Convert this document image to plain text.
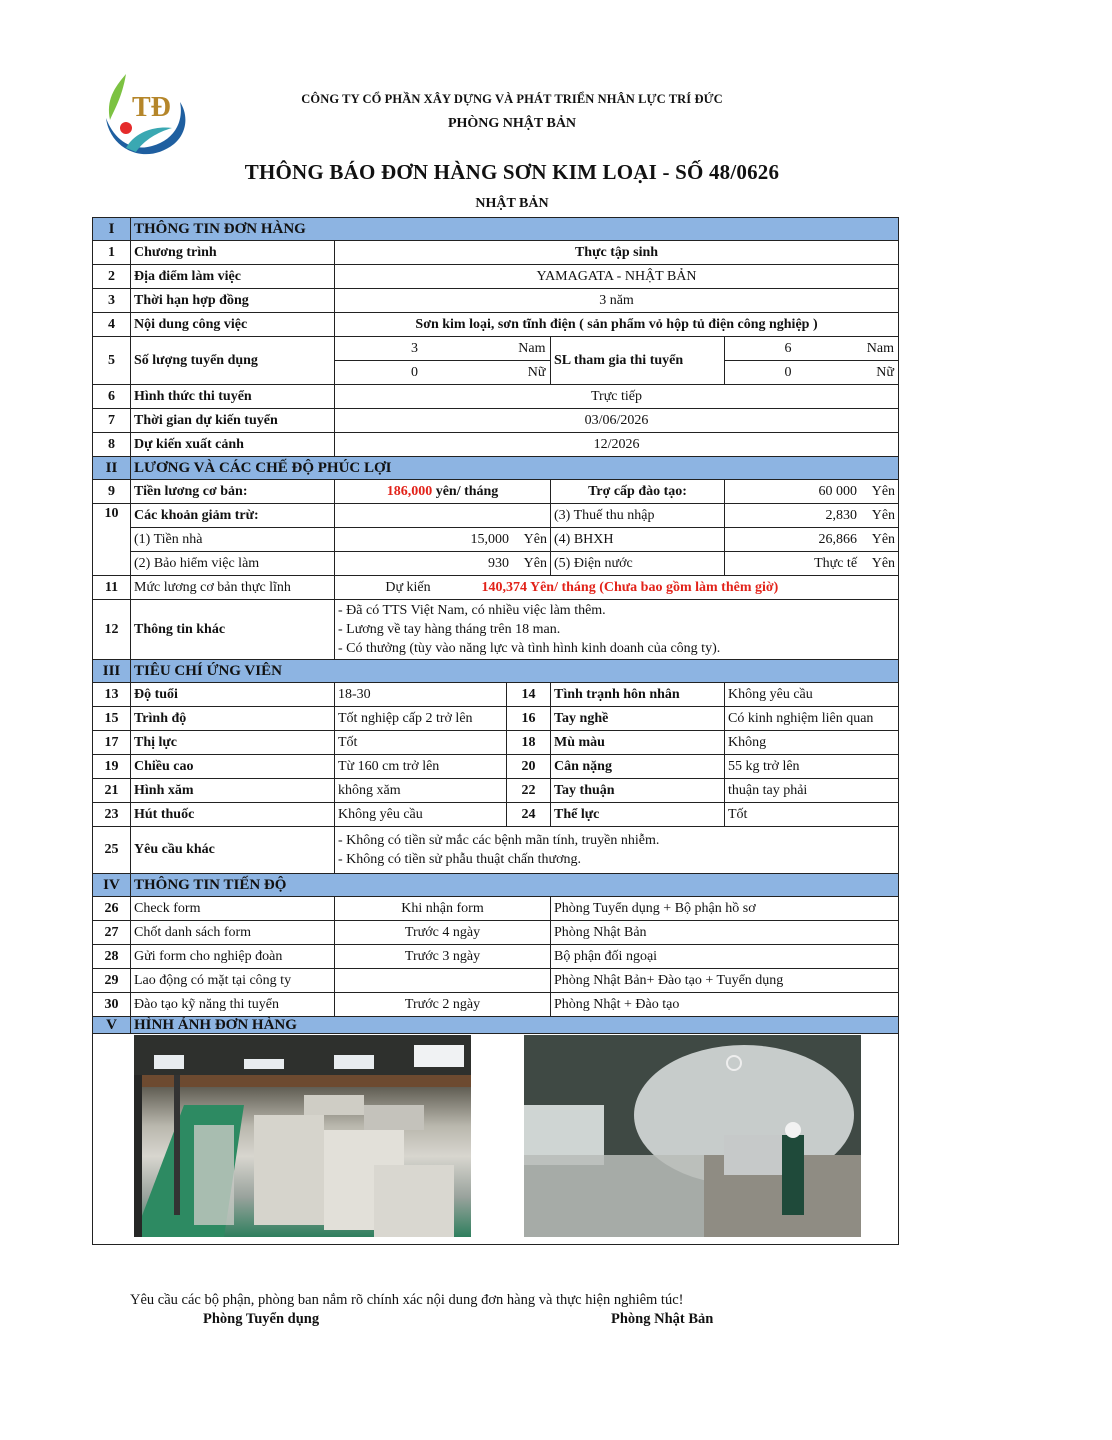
TĐ	CÔNG TY CỔ PHẦN XÂY DỰNG VÀ PHÁT TRIỂN NHÂN LỰC TRÍ ĐỨC
PHÒNG NHẬT BẢN
THÔNG BÁO ĐƠN HÀNG SƠN KIM LOẠI - SỐ 48/0626
NHẬT BẢN
I	THÔNG TIN ĐƠN HÀNG				
1	Chương trình	Thực tập sinh			
2	Địa điểm làm việc	YAMAGATA - NHẬT BẢN			
3	Thời hạn hợp đồng	3 năm			
4	Nội dung công việc	Sơn kim loại, sơn tĩnh điện ( sản phẩm vỏ hộp tủ điện công nghiệp )			
5	Số lượng tuyển dụng	3 Nam		SL tham gia thi tuyển	6 Nam
		0 Nữ			0 Nữ
6	Hình thức thi tuyển	Trực tiếp			
7	Thời gian dự kiến tuyển	03/06/2026			
8	Dự kiến xuất cảnh	12/2026			
II	LƯƠNG VÀ CÁC CHẾ ĐỘ PHÚC LỢI				
9	Tiền lương cơ bản:	186,000 yên/ tháng		Trợ cấp đào tạo:	60 000 Yên
10	Các khoản giảm trừ:			(3) Thuế thu nhập	2,830 Yên
	(1) Tiền nhà	15,000 Yên		(4) BHXH	26,866 Yên
	(2) Bảo hiểm việc làm	930 Yên		(5) Điện nước	Thực tế Yên
11	Mức lương cơ bản thực lĩnh	Dự kiến 140,374 Yên/ tháng (Chưa bao gồm làm thêm giờ)			
12	Thông tin khác	- Đã có TTS Việt Nam, có nhiều việc làm thêm.
- Lương về tay hàng tháng trên 18 man.
- Có thưởng (tùy vào năng lực và tình hình kinh doanh của công ty).			

III	TIÊU CHÍ ỨNG VIÊN				
13	Độ tuổi	18-30	14	Tình trạnh hôn nhân	Không yêu cầu
15	Trình độ	Tốt nghiệp cấp 2 trở lên	16	Tay nghề	Có kinh nghiệm liên quan
17	Thị lực	Tốt	18	Mù màu	Không
19	Chiều cao	Từ 160 cm trở lên	20	Cân nặng	55 kg trở lên
21	Hình xăm	không xăm	22	Tay thuận	thuận tay phải
23	Hút thuốc	Không yêu cầu	24	Thể lực	Tốt
25	Yêu cầu khác	- Không có tiền sử mắc các bệnh mãn tính, truyền nhiễm.
- Không có tiền sử phẫu thuật chấn thương.			

IV	THÔNG TIN TIẾN ĐỘ				
26	Check form	Khi nhận form		Phòng Tuyển dụng + Bộ phận hồ sơ	
27	Chốt danh sách form	Trước 4 ngày		Phòng Nhật Bản	
28	Gửi form cho nghiệp đoàn	Trước 3 ngày		Bộ phận đối ngoại	
29	Lao động có mặt tại công ty			Phòng Nhật Bản+ Đào tạo + Tuyển dụng	
30	Đào tạo kỹ năng thi tuyển	Trước 2 ngày		Phòng Nhật + Đào tạo	
V	HÌNH ẢNH ĐƠN HÀNG				

Yêu cầu các bộ phận, phòng ban nắm rõ chính xác nội dung đơn hàng và thực hiện nghiêm túc!
Phòng Tuyển dụng	Phòng Nhật Bản
